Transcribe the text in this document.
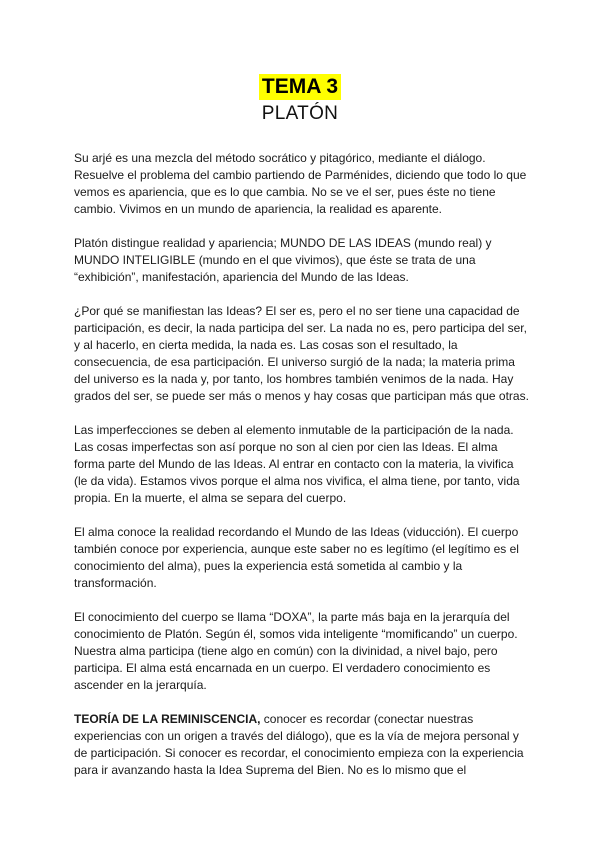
TEMA 3
PLATÓN

Su arjé es una mezcla del método socrático y pitagórico, mediante el diálogo. Resuelve el problema del cambio partiendo de Parménides, diciendo que todo lo que vemos es apariencia, que es lo que cambia. No se ve el ser, pues éste no tiene cambio. Vivimos en un mundo de apariencia, la realidad es aparente.

Platón distingue realidad y apariencia; MUNDO DE LAS IDEAS (mundo real) y MUNDO INTELIGIBLE (mundo en el que vivimos), que éste se trata de una “exhibición”, manifestación, apariencia del Mundo de las Ideas.

¿Por qué se manifiestan las Ideas? El ser es, pero el no ser tiene una capacidad de participación, es decir, la nada participa del ser. La nada no es, pero participa del ser, y al hacerlo, en cierta medida, la nada es. Las cosas son el resultado, la consecuencia, de esa participación. El universo surgió de la nada; la materia prima del universo es la nada y, por tanto, los hombres también venimos de la nada. Hay grados del ser, se puede ser más o menos y hay cosas que participan más que otras.

Las imperfecciones se deben al elemento inmutable de la participación de la nada. Las cosas imperfectas son así porque no son al cien por cien las Ideas. El alma forma parte del Mundo de las Ideas. Al entrar en contacto con la materia, la vivifica (le da vida). Estamos vivos porque el alma nos vivifica, el alma tiene, por tanto, vida propia. En la muerte, el alma se separa del cuerpo.

El alma conoce la realidad recordando el Mundo de las Ideas (viducción). El cuerpo también conoce por experiencia, aunque este saber no es legítimo (el legítimo es el conocimiento del alma), pues la experiencia está sometida al cambio y la transformación.

El conocimiento del cuerpo se llama “DOXA”, la parte más baja en la jerarquía del conocimiento de Platón. Según él, somos vida inteligente “momificando” un cuerpo. Nuestra alma participa (tiene algo en común) con la divinidad, a nivel bajo, pero participa. El alma está encarnada en un cuerpo. El verdadero conocimiento es ascender en la jerarquía.

TEORÍA DE LA REMINISCENCIA, conocer es recordar (conectar nuestras experiencias con un origen a través del diálogo), que es la vía de mejora personal y de participación. Si conocer es recordar, el conocimiento empieza con la experiencia para ir avanzando hasta la Idea Suprema del Bien. No es lo mismo que el
